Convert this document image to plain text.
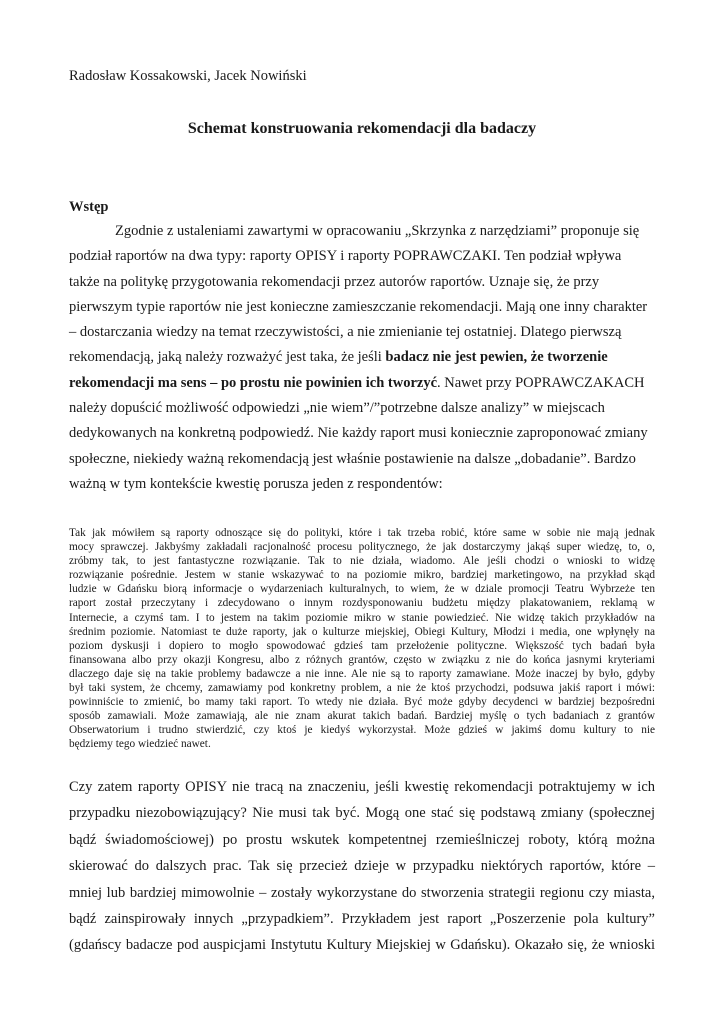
Radosław Kossakowski, Jacek Nowiński
Schemat konstruowania rekomendacji dla badaczy
Wstęp
Zgodnie z ustaleniami zawartymi w opracowaniu „Skrzynka z narzędziami” proponuje się
podział raportów na dwa typy: raporty OPISY i raporty POPRAWCZAKI. Ten podział wpływa
także na politykę przygotowania rekomendacji przez autorów raportów. Uznaje się, że przy
pierwszym typie raportów nie jest konieczne zamieszczanie rekomendacji. Mają one inny charakter
– dostarczania wiedzy na temat rzeczywistości, a nie zmienianie tej ostatniej. Dlatego pierwszą
rekomendacją, jaką należy rozważyć jest taka, że jeśli badacz nie jest pewien, że tworzenie
rekomendacji ma sens – po prostu nie powinien ich tworzyć. Nawet przy POPRAWCZAKACH
należy dopuścić możliwość odpowiedzi „nie wiem”/”potrzebne dalsze analizy” w miejscach
dedykowanych na konkretną podpowiedź. Nie każdy raport musi koniecznie zaproponować zmiany
społeczne, niekiedy ważną rekomendacją jest właśnie postawienie na dalsze „dobadanie”. Bardzo
ważną w tym kontekście kwestię porusza jeden z respondentów:
Tak jak mówiłem są raporty odnoszące się do polityki, które i tak trzeba robić, które same w sobie nie mają jednak
mocy sprawczej. Jakbyśmy zakładali racjonalność procesu politycznego, że jak dostarczymy jakąś super wiedzę, to, o,
zróbmy tak, to jest fantastyczne rozwiązanie. Tak to nie działa, wiadomo. Ale jeśli chodzi o wnioski to widzę
rozwiązanie pośrednie. Jestem w stanie wskazywać to na poziomie mikro, bardziej marketingowo, na przykład skąd
ludzie w Gdańsku biorą informacje o wydarzeniach kulturalnych, to wiem, że w dziale promocji Teatru Wybrzeże ten
raport został przeczytany i zdecydowano o innym rozdysponowaniu budżetu między plakatowaniem, reklamą w
Internecie, a czymś tam. I to jestem na takim poziomie mikro w stanie powiedzieć. Nie widzę takich przykładów na
średnim poziomie. Natomiast te duże raporty, jak o kulturze miejskiej, Obiegi Kultury, Młodzi i media, one wpłynęły na
poziom dyskusji i dopiero to mogło spowodować gdzieś tam przełożenie polityczne. Większość tych badań była
finansowana albo przy okazji Kongresu, albo z różnych grantów, często w związku z nie do końca jasnymi kryteriami
dlaczego daje się na takie problemy badawcze a nie inne. Ale nie są to raporty zamawiane. Może inaczej by było, gdyby
był taki system, że chcemy, zamawiamy pod konkretny problem, a nie że ktoś przychodzi, podsuwa jakiś raport i mówi:
powinniście to zmienić, bo mamy taki raport. To wtedy nie działa. Być może gdyby decydenci w bardziej bezpośredni
sposób zamawiali. Może zamawiają, ale nie znam akurat takich badań. Bardziej myślę o tych badaniach z grantów
Obserwatorium i trudno stwierdzić, czy ktoś je kiedyś wykorzystał. Może gdzieś w jakimś domu kultury to nie
będziemy tego wiedzieć nawet.
Czy zatem raporty OPISY nie tracą na znaczeniu, jeśli kwestię rekomendacji potraktujemy w ich
przypadku niezobowiązujący? Nie musi tak być. Mogą one stać się podstawą zmiany (społecznej
bądź świadomościowej) po prostu wskutek kompetentnej rzemieślniczej roboty, którą można
skierować do dalszych prac. Tak się przecież dzieje w przypadku niektórych raportów, które –
mniej lub bardziej mimowolnie – zostały wykorzystane do stworzenia strategii regionu czy miasta,
bądź zainspirowały innych „przypadkiem”. Przykładem jest raport „Poszerzenie pola kultury”
(gdańscy badacze pod auspicjami Instytutu Kultury Miejskiej w Gdańsku). Okazało się, że wnioski
